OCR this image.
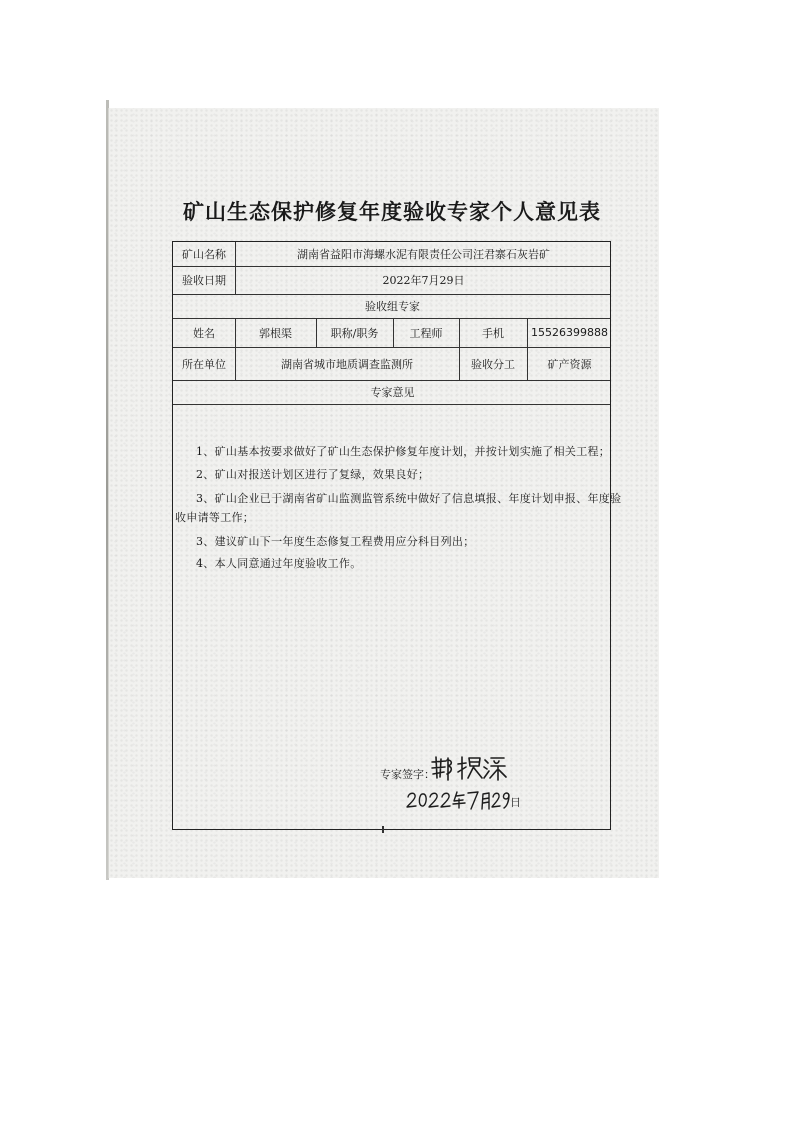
矿山生态保护修复年度验收专家个人意见表
矿山名称	湖南省益阳市海螺水泥有限责任公司汪君寨石灰岩矿
验收日期	2022年7月29日
验收组专家
姓名	郭根渠	职称/职务	工程师	手机	15526399888
所在单位	湖南省城市地质调查监测所	验收分工	矿产资源
专家意见
1、矿山基本按要求做好了矿山生态保护修复年度计划，并按计划实施了相关工程；
2、矿山对报送计划区进行了复绿，效果良好；
3、矿山企业已于湖南省矿山监测监管系统中做好了信息填报、年度计划申报、年度验
收申请等工作；
3、建议矿山下一年度生态修复工程费用应分科目列出；
4、本人同意通过年度验收工作。
专家签字：
日
